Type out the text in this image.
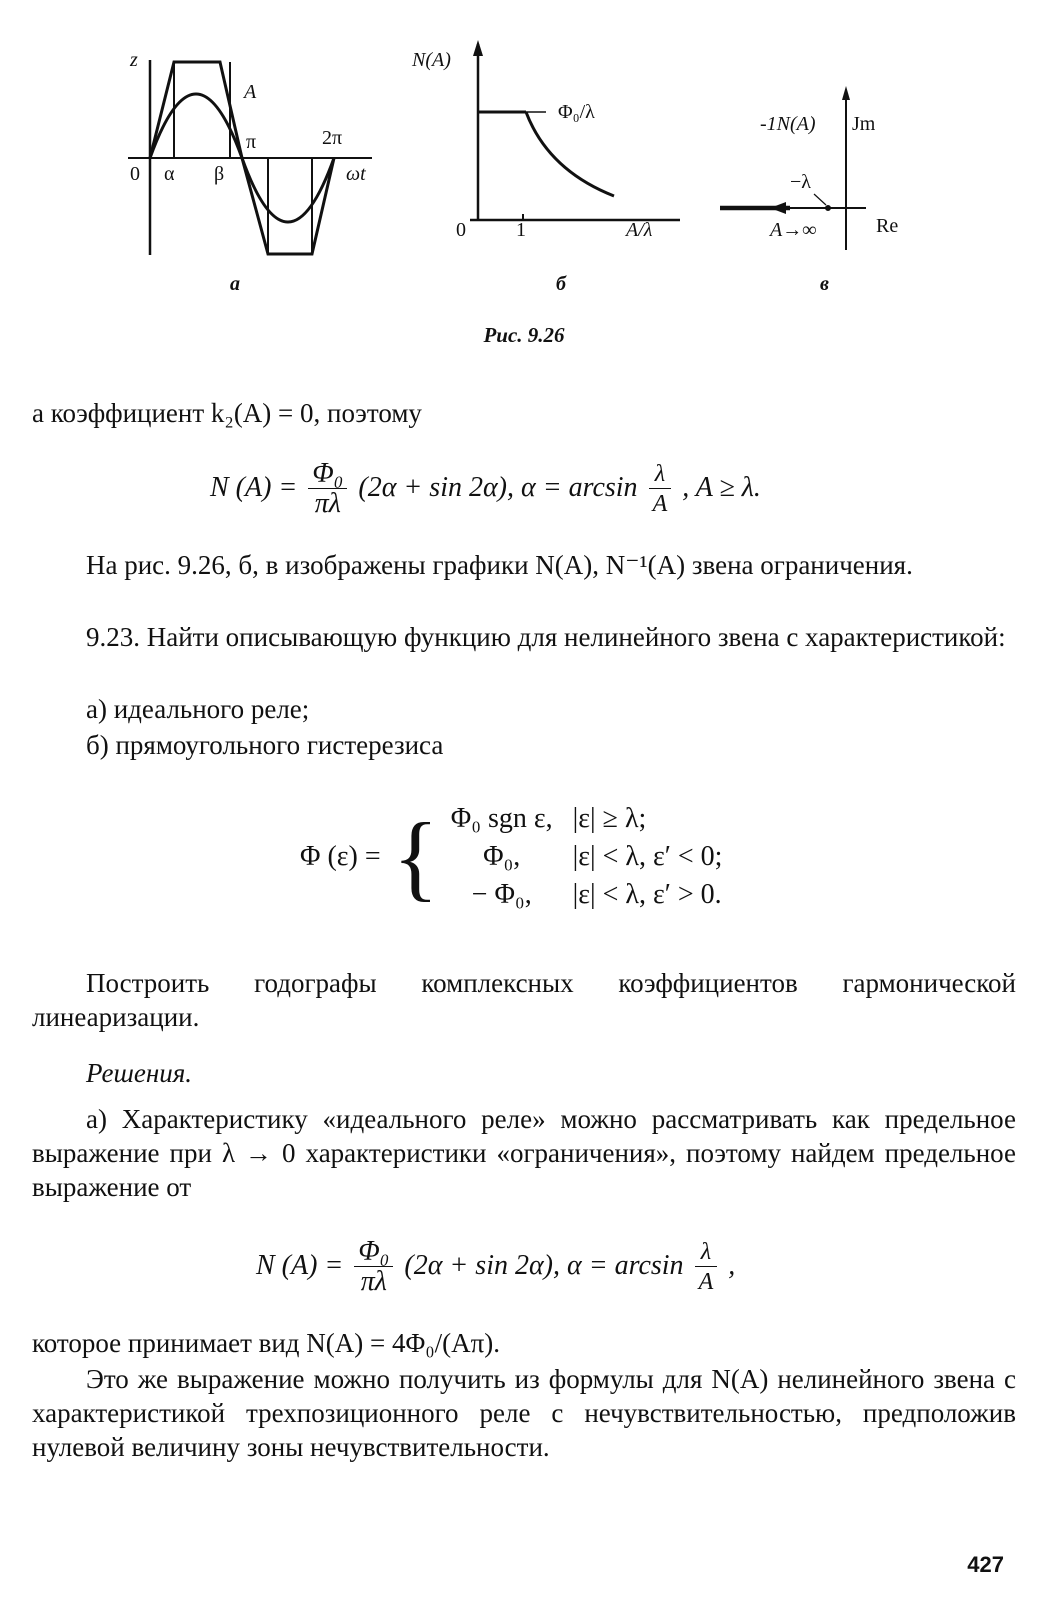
z
A
π	2π
0 α β	ωt
а
N(A)
Φ₀/λ
0	1	A/λ
б
-1N(A) Jm
−λ
A→∞	Re
в
Рис. 9.26
а коэффициент k₂(A) = 0, поэтому
N $(A) = \frac{\text{Φ₀}}{\pi\lambda} (2\alpha + \sin 2\alpha)$, $\alpha = \arcsin \frac{\lambda}{A}$ , A ≥ λ.
На рис. 9.26, б, в изображены графики N(A), N⁻¹(A) звена ограничения.
9.23. Найти описывающую функцию для нелинейного звена с характеристикой:
а) идеального реле;
б) прямоугольного гистерезиса
Φ (ε) =	{	Φ₀ sgn ε,	|ε| ≥ λ;
		Φ₀,	|ε| < λ, ε′ < 0;
		− Φ₀,	|ε| < λ, ε′ > 0.
Построить годографы комплексных коэффициентов гармонической линеаризации.
Решения.
а) Характеристику «идеального реле» можно рассматривать как предельное выражение при λ → 0 характеристики «ограничения», поэтому найдем предельное выражение от
N $(A) = \frac{\text{Φ₀}}{\pi\lambda} (2\alpha + \sin 2\alpha)$, $\alpha = \arcsin \frac{\lambda}{A}$ ,
которое принимает вид N(A) = 4Φ₀/(Aπ).
Это же выражение можно получить из формулы для N(A) нелинейного звена с характеристикой трехпозиционного реле с нечувствительностью, предположив нулевой величину зоны нечувствительности.
427
